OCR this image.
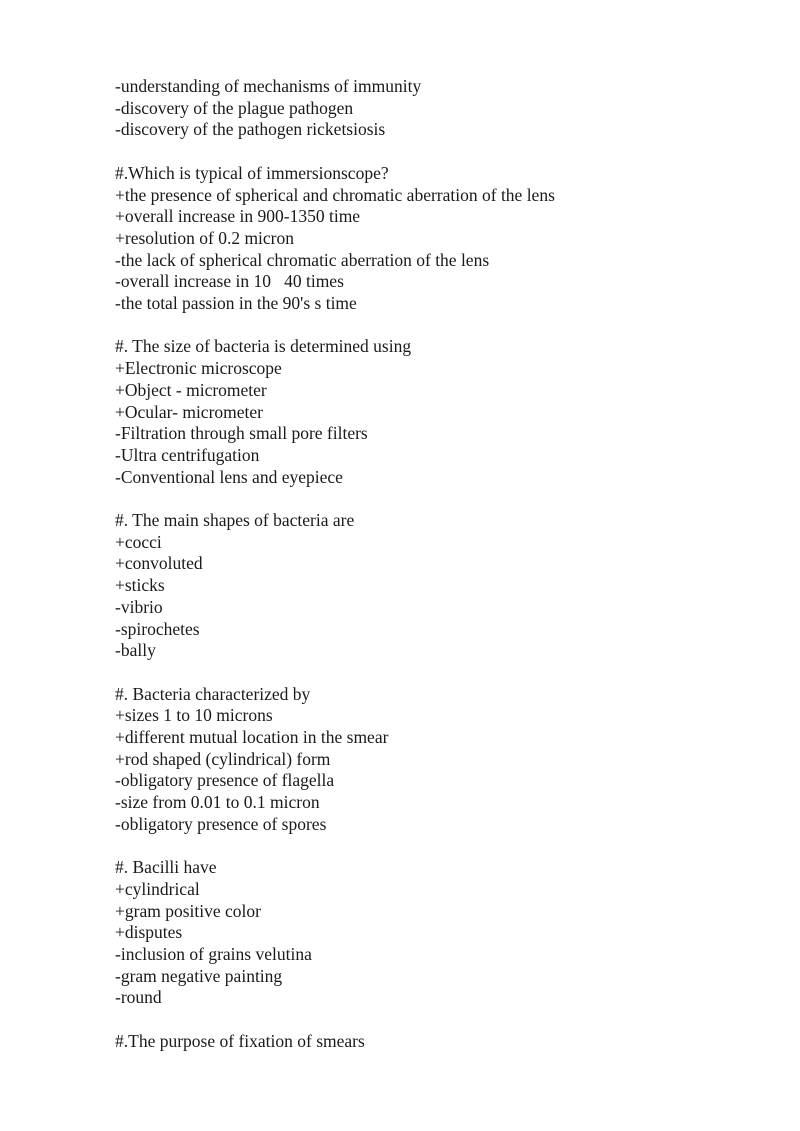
-understanding of mechanisms of immunity
-discovery of the plague pathogen
-discovery of the pathogen ricketsiosis
#.Which is typical of immersionscope?
+the presence of spherical and chromatic aberration of the lens
+overall increase in 900-1350 time
+resolution of 0.2 micron
-the lack of spherical chromatic aberration of the lens
-overall increase in 10   40 times
-the total passion in the 90's s time
#. The size of bacteria is determined using
+Electronic microscope
+Object - micrometer
+Ocular- micrometer
-Filtration through small pore filters
-Ultra centrifugation
-Conventional lens and eyepiece
#. The main shapes of bacteria are
+cocci
+convoluted
+sticks
-vibrio
-spirochetes
-bally
#. Bacteria characterized by
+sizes 1 to 10 microns
+different mutual location in the smear
+rod shaped (cylindrical) form
-obligatory presence of flagella
-size from 0.01 to 0.1 micron
-obligatory presence of spores
#. Bacilli have
+cylindrical
+gram positive color
+disputes
-inclusion of grains velutina
-gram negative painting
-round
#.The purpose of fixation of smears
